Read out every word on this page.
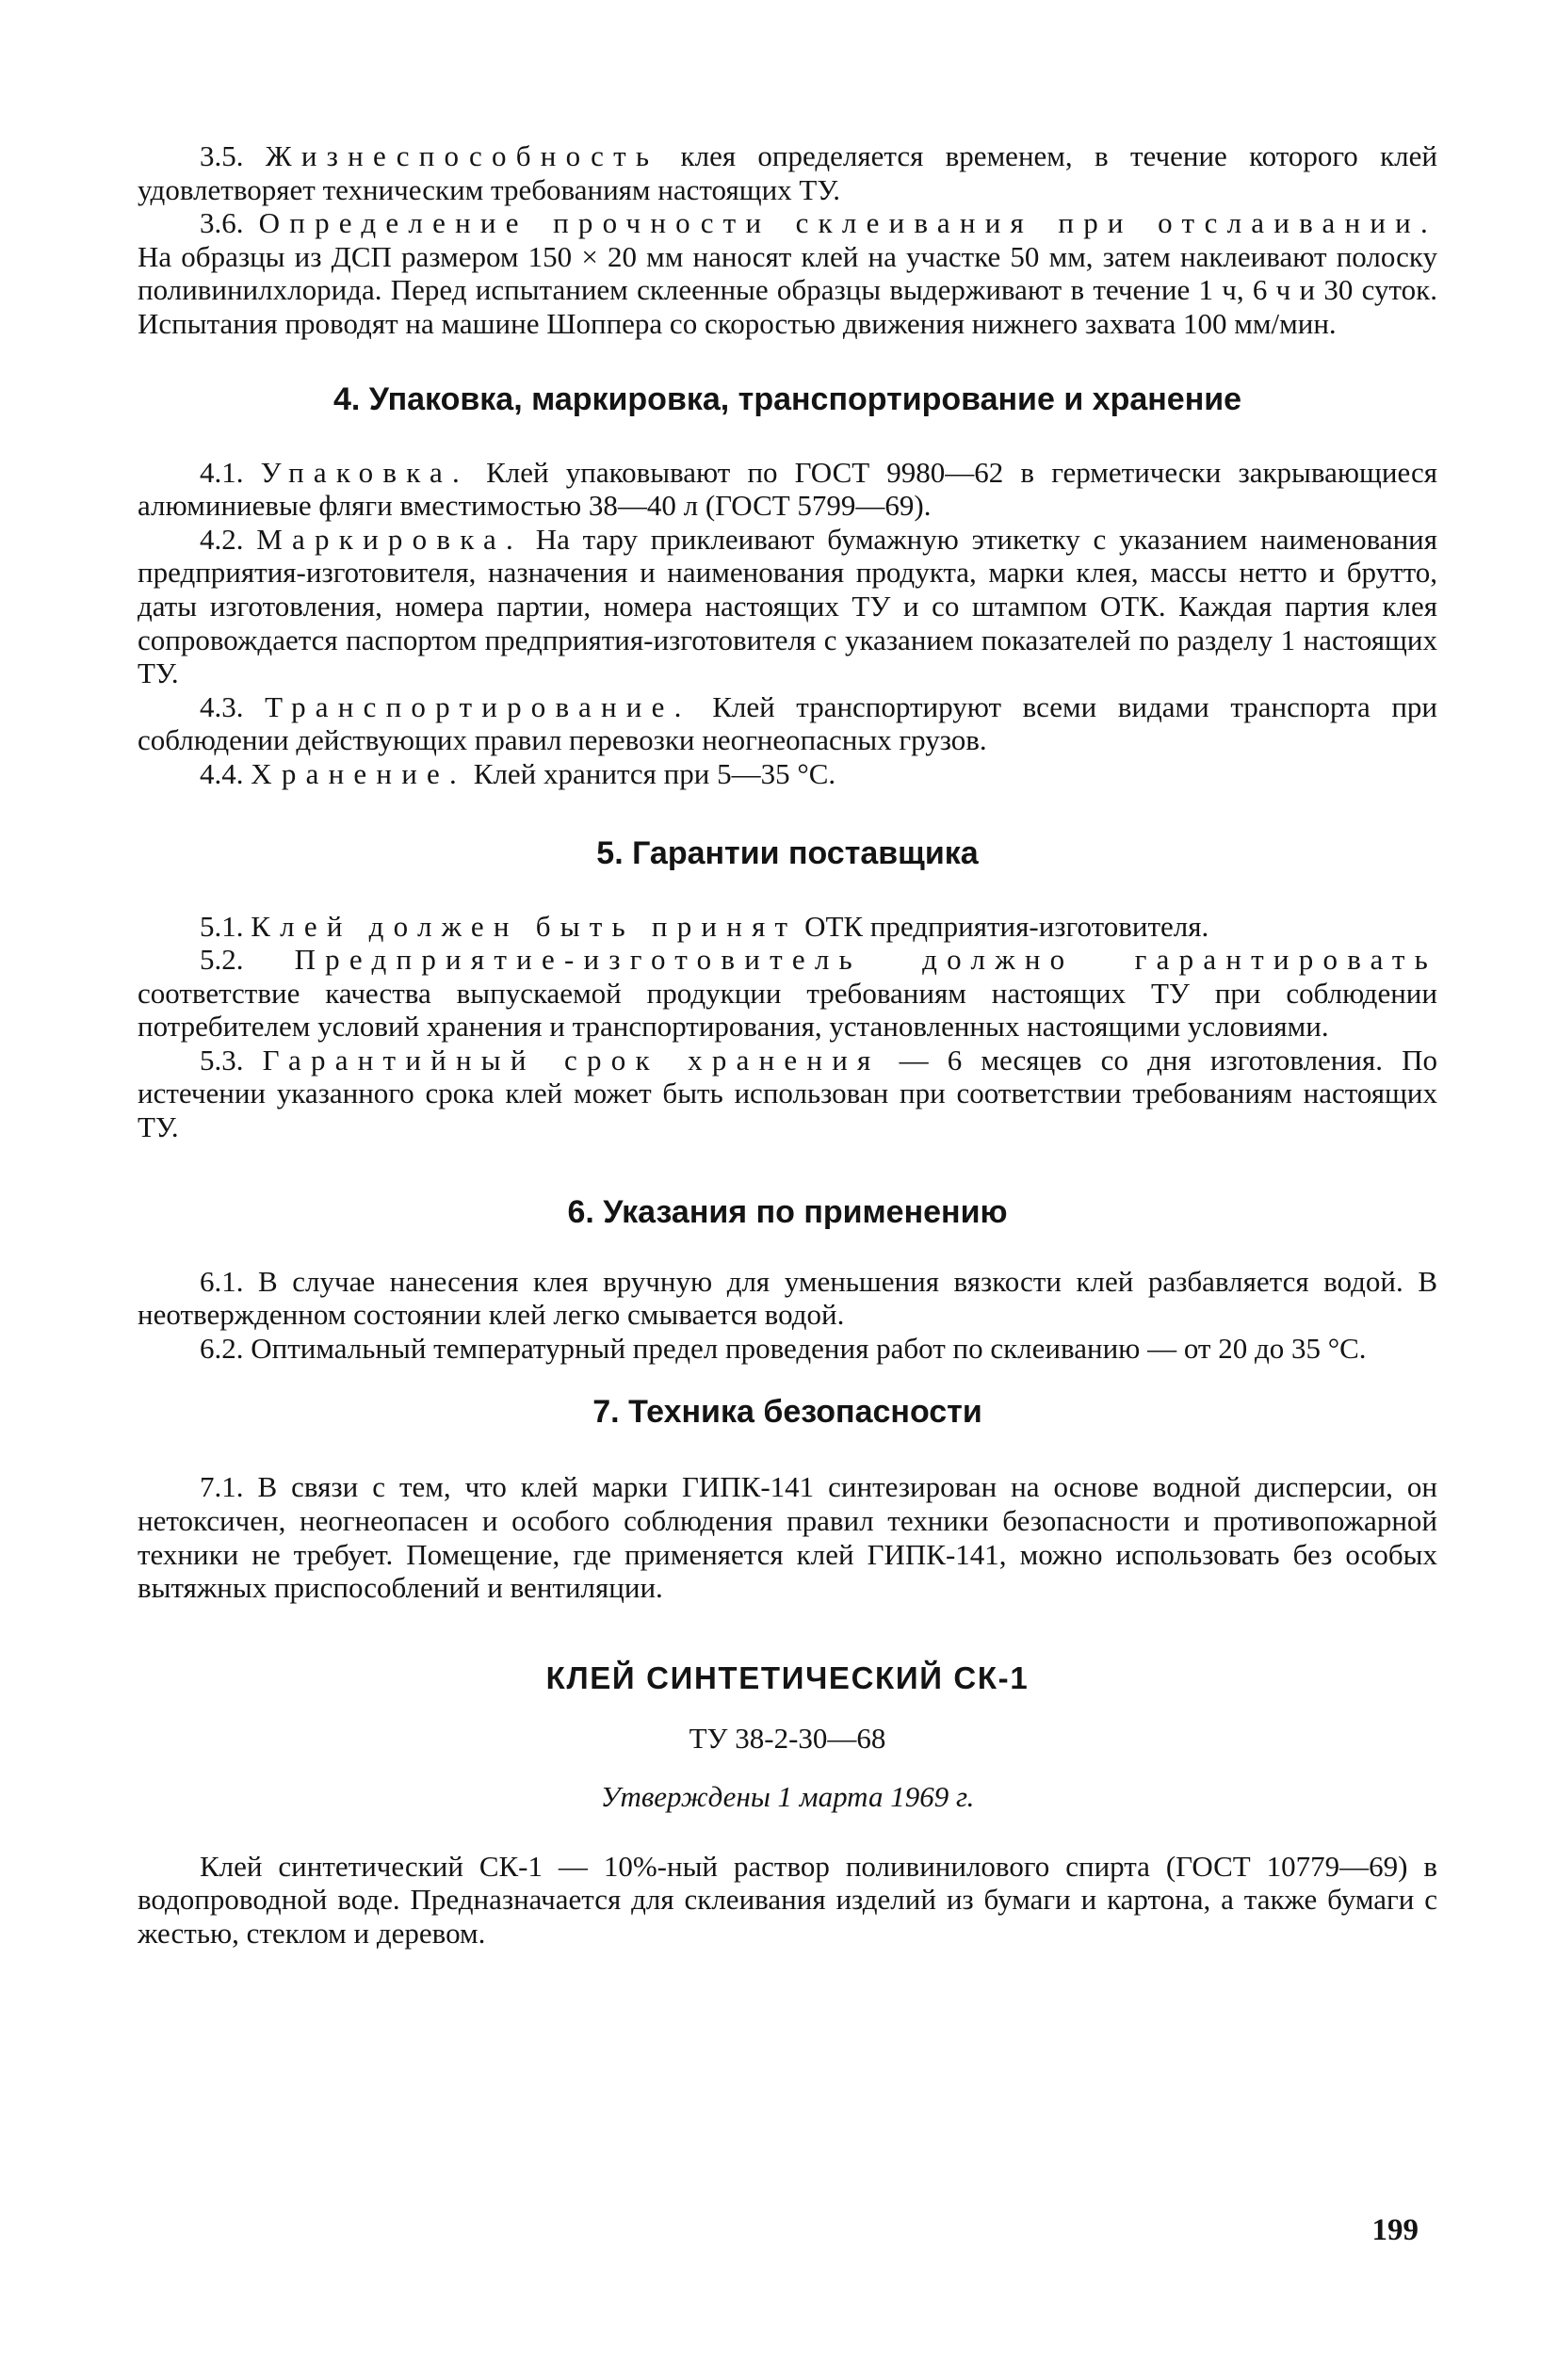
3.5. Жизнеспособность клея определяется временем, в течение которого клей удовлетворяет техническим требованиям настоящих ТУ.

3.6. Определение прочности склеивания при отслаивании. На образцы из ДСП размером 150 × 20 мм наносят клей на участке 50 мм, затем наклеивают полоску поливинилхлорида. Перед испытанием склеенные образцы выдерживают в течение 1 ч, 6 ч и 30 суток. Испытания проводят на машине Шоппера со скоростью движения нижнего захвата 100 мм/мин.

4. Упаковка, маркировка, транспортирование и хранение

4.1. Упаковка. Клей упаковывают по ГОСТ 9980—62 в герметически закрывающиеся алюминиевые фляги вместимостью 38—40 л (ГОСТ 5799—69).

4.2. Маркировка. На тару приклеивают бумажную этикетку с указанием наименования предприятия-изготовителя, назначения и наименования продукта, марки клея, массы нетто и брутто, даты изготовления, номера партии, номера настоящих ТУ и со штампом ОТК. Каждая партия клея сопровождается паспортом предприятия-изготовителя с указанием показателей по разделу 1 настоящих ТУ.

4.3. Транспортирование. Клей транспортируют всеми видами транспорта при соблюдении действующих правил перевозки неогнеопасных грузов.

4.4. Хранение. Клей хранится при 5—35 °С.

5. Гарантии поставщика

5.1. Клей должен быть принят ОТК предприятия-изготовителя.

5.2. Предприятие-изготовитель должно гарантировать соответствие качества выпускаемой продукции требованиям настоящих ТУ при соблюдении потребителем условий хранения и транспортирования, установленных настоящими условиями.

5.3. Гарантийный срок хранения — 6 месяцев со дня изготовления. По истечении указанного срока клей может быть использован при соответствии требованиям настоящих ТУ.

6. Указания по применению

6.1. В случае нанесения клея вручную для уменьшения вязкости клей разбавляется водой. В неотвержденном состоянии клей легко смывается водой.

6.2. Оптимальный температурный предел проведения работ по склеиванию — от 20 до 35 °С.

7. Техника безопасности

7.1. В связи с тем, что клей марки ГИПК-141 синтезирован на основе водной дисперсии, он нетоксичен, неогнеопасен и особого соблюдения правил техники безопасности и противопожарной техники не требует. Помещение, где применяется клей ГИПК-141, можно использовать без особых вытяжных приспособлений и вентиляции.

КЛЕЙ СИНТЕТИЧЕСКИЙ СК-1
ТУ 38-2-30—68
Утверждены 1 марта 1969 г.

Клей синтетический СК-1 — 10%-ный раствор поливинилового спирта (ГОСТ 10779—69) в водопроводной воде. Предназначается для склеивания изделий из бумаги и картона, а также бумаги с жестью, стеклом и деревом.

199
